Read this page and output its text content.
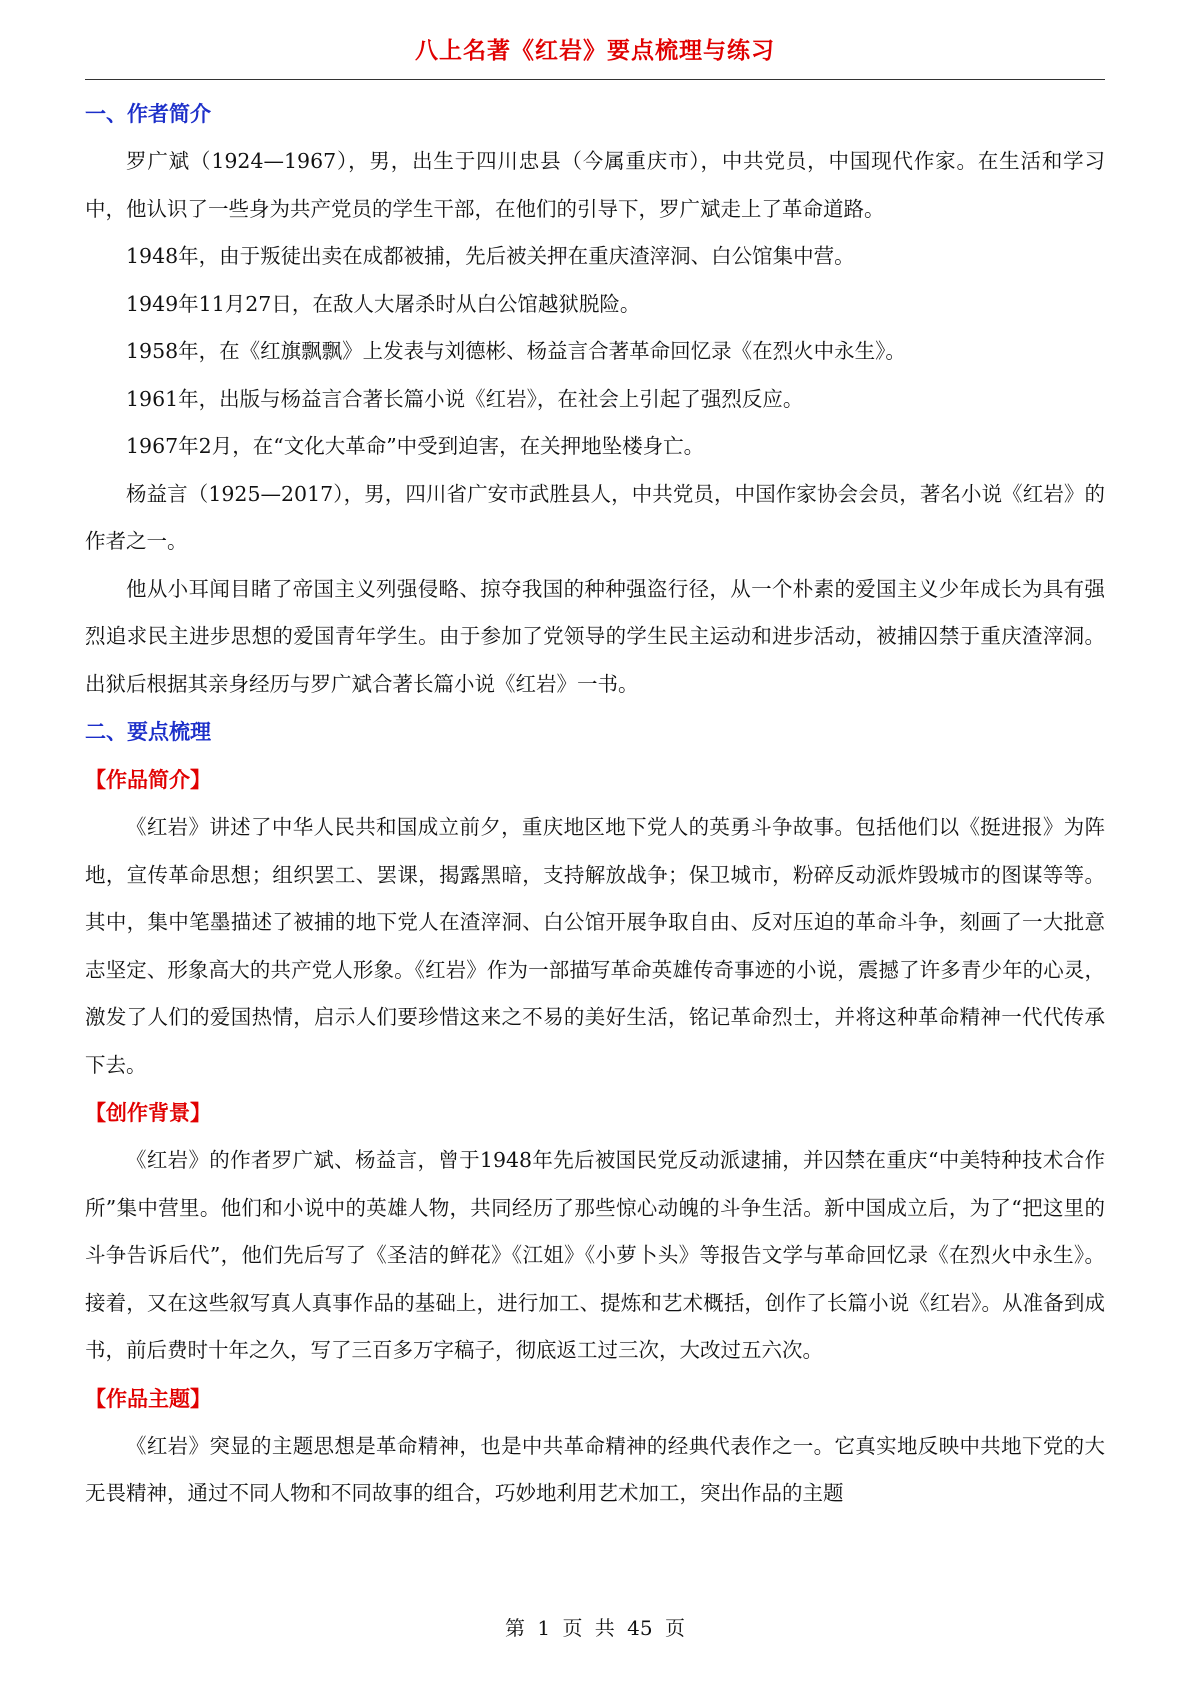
八上名著《红岩》要点梳理与练习
一、作者简介

罗广斌（1924—1967），男，出生于四川忠县（今属重庆市），中共党员，中国现代作家。在生活和学习中，他认识了一些身为共产党员的学生干部，在他们的引导下，罗广斌走上了革命道路。

1948年，由于叛徒出卖在成都被捕，先后被关押在重庆渣滓洞、白公馆集中营。

1949年11月27日，在敌人大屠杀时从白公馆越狱脱险。

1958年，在《红旗飘飘》上发表与刘德彬、杨益言合著革命回忆录《在烈火中永生》。

1961年，出版与杨益言合著长篇小说《红岩》，在社会上引起了强烈反应。

1967年2月，在“文化大革命”中受到迫害，在关押地坠楼身亡。

杨益言（1925—2017），男，四川省广安市武胜县人，中共党员，中国作家协会会员，著名小说《红岩》的作者之一。

他从小耳闻目睹了帝国主义列强侵略、掠夺我国的种种强盗行径，从一个朴素的爱国主义少年成长为具有强烈追求民主进步思想的爱国青年学生。由于参加了党领导的学生民主运动和进步活动，被捕囚禁于重庆渣滓洞。出狱后根据其亲身经历与罗广斌合著长篇小说《红岩》一书。

二、要点梳理
【作品简介】

《红岩》讲述了中华人民共和国成立前夕，重庆地区地下党人的英勇斗争故事。包括他们以《挺进报》为阵地，宣传革命思想；组织罢工、罢课，揭露黑暗，支持解放战争；保卫城市，粉碎反动派炸毁城市的图谋等等。其中，集中笔墨描述了被捕的地下党人在渣滓洞、白公馆开展争取自由、反对压迫的革命斗争，刻画了一大批意志坚定、形象高大的共产党人形象。《红岩》作为一部描写革命英雄传奇事迹的小说，震撼了许多青少年的心灵，激发了人们的爱国热情，启示人们要珍惜这来之不易的美好生活，铭记革命烈士，并将这种革命精神一代代传承下去。

【创作背景】

《红岩》的作者罗广斌、杨益言，曾于1948年先后被国民党反动派逮捕，并囚禁在重庆“中美特种技术合作所”集中营里。他们和小说中的英雄人物，共同经历了那些惊心动魄的斗争生活。新中国成立后，为了“把这里的斗争告诉后代”，他们先后写了《圣洁的鲜花》《江姐》《小萝卜头》等报告文学与革命回忆录《在烈火中永生》。接着，又在这些叙写真人真事作品的基础上，进行加工、提炼和艺术概括，创作了长篇小说《红岩》。从准备到成书，前后费时十年之久，写了三百多万字稿子，彻底返工过三次，大改过五六次。

【作品主题】

《红岩》突显的主题思想是革命精神，也是中共革命精神的经典代表作之一。它真实地反映中共地下党的大无畏精神，通过不同人物和不同故事的组合，巧妙地利用艺术加工，突出作品的主题

第 1 页 共 45 页
